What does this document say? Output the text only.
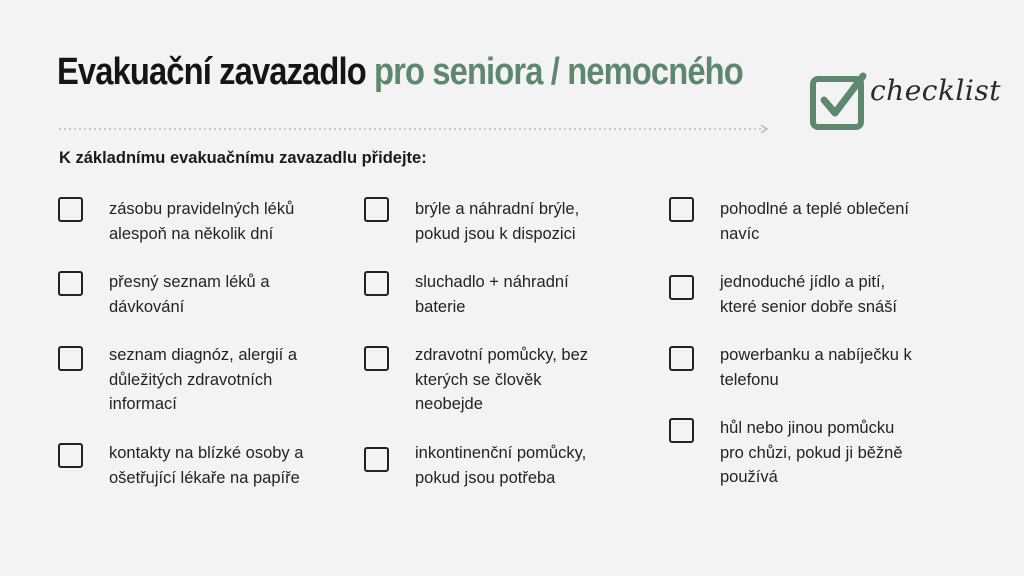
Evakuační zavazadlo pro seniora / nemocného	checklist

K základnímu evakuačnímu zavazadlu přidejte:

zásobu pravidelných léků
alespoň na několik dní
přesný seznam léků a
dávkování
seznam diagnóz, alergií a
důležitých zdravotních
informací
kontakty na blízké osoby a
ošetřující lékaře na papíře
brýle a náhradní brýle,
pokud jsou k dispozici
sluchadlo + náhradní
baterie
zdravotní pomůcky, bez
kterých se člověk
neobejde
inkontinenční pomůcky,
pokud jsou potřeba
pohodlné a teplé oblečení
navíc
jednoduché jídlo a pití,
které senior dobře snáší
powerbanku a nabíječku k
telefonu
hůl nebo jinou pomůcku
pro chůzi, pokud ji běžně
používá
